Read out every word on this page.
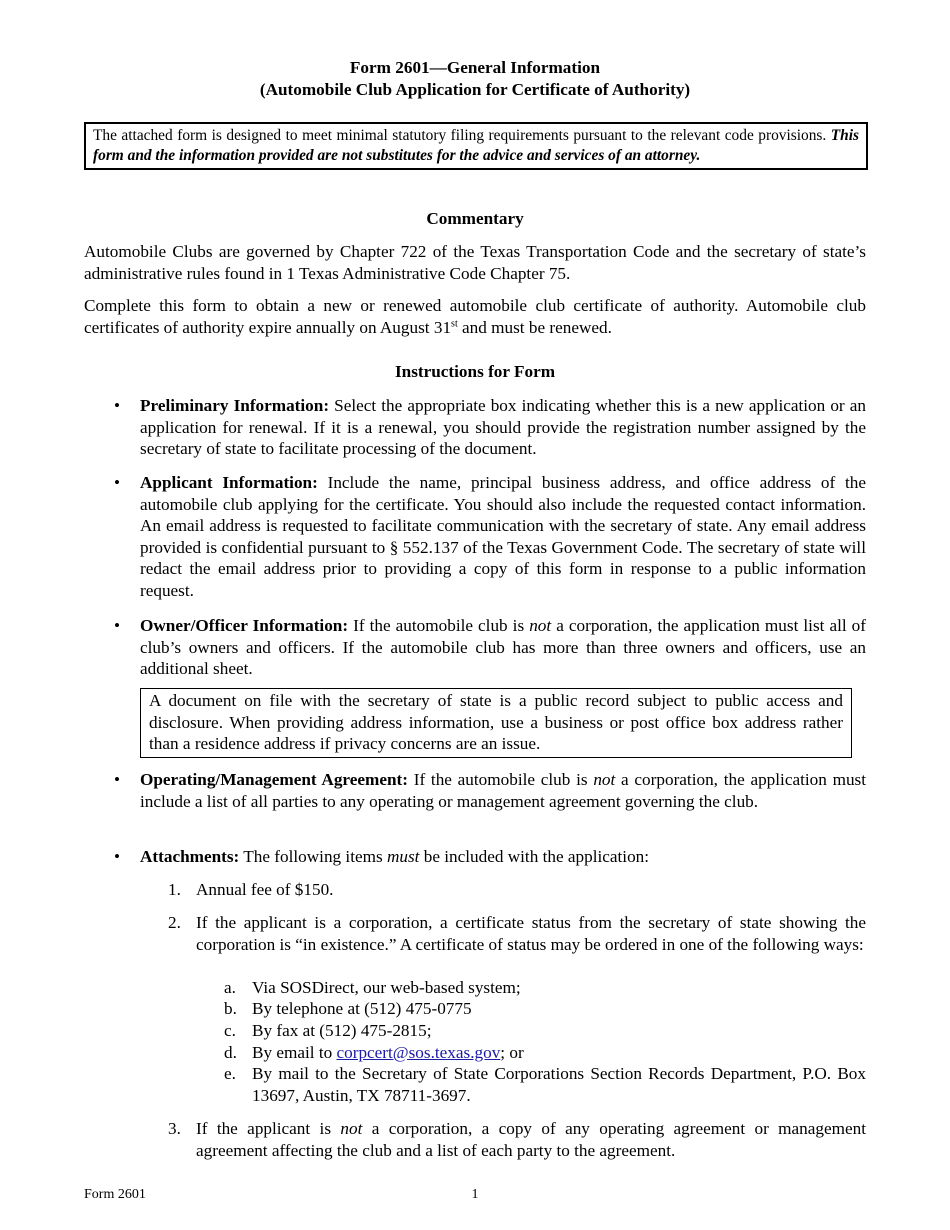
Form 2601—General Information
(Automobile Club Application for Certificate of Authority)
The attached form is designed to meet minimal statutory filing requirements pursuant to the relevant code provisions. This form and the information provided are not substitutes for the advice and services of an attorney.
Commentary
Automobile Clubs are governed by Chapter 722 of the Texas Transportation Code and the secretary of state’s administrative rules found in 1 Texas Administrative Code Chapter 75.
Complete this form to obtain a new or renewed automobile club certificate of authority. Automobile club certificates of authority expire annually on August 31st and must be renewed.
Instructions for Form
• Preliminary Information: Select the appropriate box indicating whether this is a new application or an application for renewal. If it is a renewal, you should provide the registration number assigned by the secretary of state to facilitate processing of the document.
• Applicant Information: Include the name, principal business address, and office address of the automobile club applying for the certificate. You should also include the requested contact information. An email address is requested to facilitate communication with the secretary of state. Any email address provided is confidential pursuant to § 552.137 of the Texas Government Code. The secretary of state will redact the email address prior to providing a copy of this form in response to a public information request.
• Owner/Officer Information: If the automobile club is not a corporation, the application must list all of club’s owners and officers. If the automobile club has more than three owners and officers, use an additional sheet.
A document on file with the secretary of state is a public record subject to public access and disclosure. When providing address information, use a business or post office box address rather than a residence address if privacy concerns are an issue.
• Operating/Management Agreement: If the automobile club is not a corporation, the application must include a list of all parties to any operating or management agreement governing the club.
• Attachments: The following items must be included with the application:
1. Annual fee of $150.
2. If the applicant is a corporation, a certificate status from the secretary of state showing the corporation is “in existence.” A certificate of status may be ordered in one of the following ways:
a. Via SOSDirect, our web-based system;
b. By telephone at (512) 475-0775
c. By fax at (512) 475-2815;
d. By email to corpcert@sos.texas.gov; or
e. By mail to the Secretary of State Corporations Section Records Department, P.O. Box 13697, Austin, TX 78711-3697.
3. If the applicant is not a corporation, a copy of any operating agreement or management agreement affecting the club and a list of each party to the agreement.
Form 2601	1
